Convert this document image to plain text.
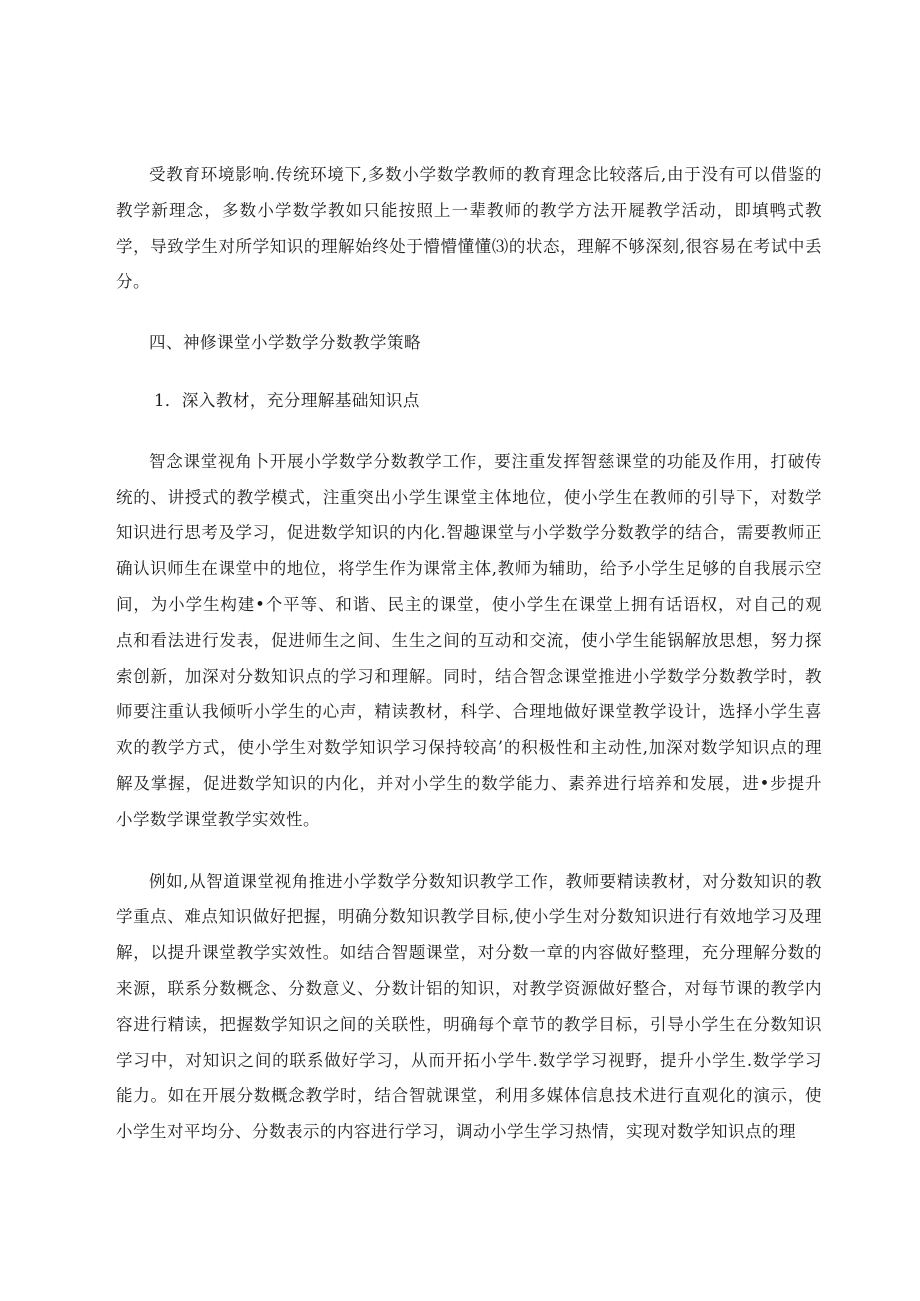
受教育环境影响.传统环境下,多数小学数学教师的教育理念比较落后,由于没有可以借鉴的教学新理念，多数小学数学教如只能按照上一辈教师的教学方法开屣教学活动，即填鸭式教学，导致学生对所学知识的理解始终处于懵懵懂懂⑶的状态，理解不够深刻,很容易在考试中丢分。

四、神修课堂小学数学分数教学策略

1．深入教材，充分理解基础知识点

智念课堂视角卜开展小学数学分数教学工作，要注重发挥智慈课堂的功能及作用，打破传统的、讲授式的教学模式，注重突出小学生课堂主体地位，使小学生在教师的引导下，对数学知识进行思考及学习，促进数学知识的内化.智趣课堂与小学数学分数教学的结合，需要教师正确认识师生在课堂中的地位，将学生作为课常主体,教师为辅助，给予小学生足够的自我展示空间，为小学生构建•个平等、和谐、民主的课堂，使小学生在课堂上拥有话语权，对自己的观点和看法进行发表，促进师生之间、生生之间的互动和交流，使小学生能锅解放思想，努力探索创新，加深对分数知识点的学习和理解。同时，结合智念课堂推进小学数学分数教学时，教师要注重认我倾听小学生的心声，精读教材，科学、合理地做好课堂教学设计，选择小学生喜欢的教学方式，使小学生对数学知识学习保持较高’的积极性和主动性,加深对数学知识点的理解及掌握，促进数学知识的内化，并对小学生的数学能力、素养进行培养和发展，进•步提升小学数学课堂教学实效性。

例如,从智道课堂视角推进小学数学分数知识教学工作，教师要精读教材，对分数知识的教学重点、难点知识做好把握，明确分数知识教学目标,使小学生对分数知识进行有效地学习及理解，以提升课堂教学实效性。如结合智题课堂，对分数一章的内容做好整理，充分理解分数的来源，联系分数概念、分数意义、分数计铝的知识，对教学资源做好整合，对每节课的教学内容进行精读，把握数学知识之间的关联性，明确每个章节的教学目标，引导小学生在分数知识学习中，对知识之间的联系做好学习，从而开拓小学牛.数学学习视野，提升小学生.数学学习能力。如在开展分数概念教学时，结合智就课堂，利用多媒体信息技术进行直观化的演示，使小学生对平均分、分数表示的内容进行学习，调动小学生学习热情，实现对数学知识点的理
